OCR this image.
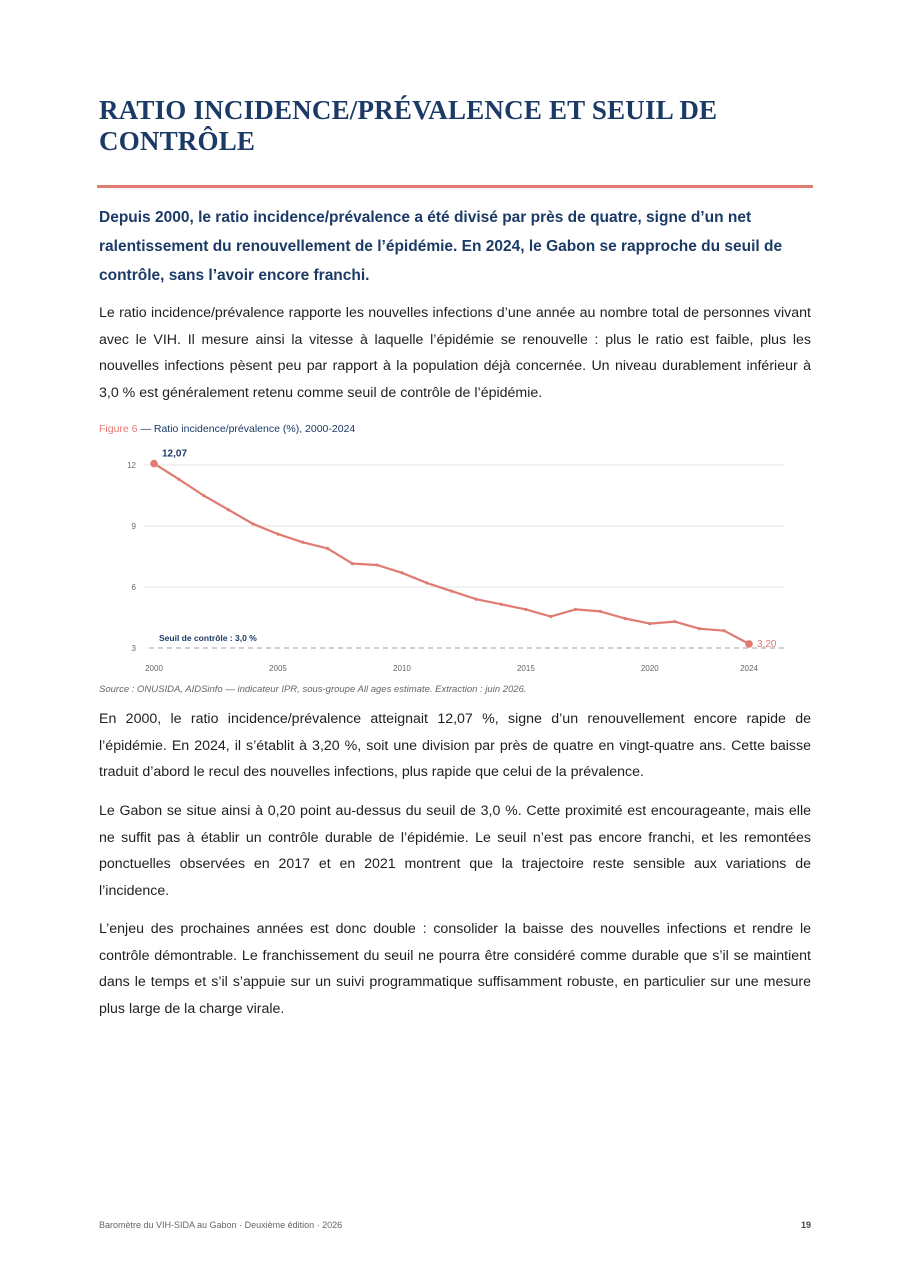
RATIO INCIDENCE/PRÉVALENCE ET SEUIL DE CONTRÔLE

Depuis 2000, le ratio incidence/prévalence a été divisé par près de quatre, signe d’un net ralentissement du renouvellement de l’épidémie. En 2024, le Gabon se rapproche du seuil de contrôle, sans l’avoir encore franchi.

Le ratio incidence/prévalence rapporte les nouvelles infections d’une année au nombre total de personnes vivant avec le VIH. Il mesure ainsi la vitesse à laquelle l’épidémie se renouvelle : plus le ratio est faible, plus les nouvelles infections pèsent peu par rapport à la population déjà concernée. Un niveau durablement inférieur à 3,0 % est généralement retenu comme seuil de contrôle de l’épidémie.

Figure 6 — Ratio incidence/prévalence (%), 2000-2024

3
6
9
12
2000	2005	2010	2015	2020	2024
Seuil de contrôle : 3,0 %
12,07
3,20

Source : ONUSIDA, AIDSinfo — indicateur IPR, sous-groupe All ages estimate. Extraction : juin 2026.

En 2000, le ratio incidence/prévalence atteignait 12,07 %, signe d’un renouvellement encore rapide de l’épidémie. En 2024, il s’établit à 3,20 %, soit une division par près de quatre en vingt-quatre ans. Cette baisse traduit d’abord le recul des nouvelles infections, plus rapide que celui de la prévalence.

Le Gabon se situe ainsi à 0,20 point au-dessus du seuil de 3,0 %. Cette proximité est encourageante, mais elle ne suffit pas à établir un contrôle durable de l’épidémie. Le seuil n’est pas encore franchi, et les remontées ponctuelles observées en 2017 et en 2021 montrent que la trajectoire reste sensible aux variations de l’incidence.

L’enjeu des prochaines années est donc double : consolider la baisse des nouvelles infections et rendre le contrôle démontrable. Le franchissement du seuil ne pourra être considéré comme durable que s’il se maintient dans le temps et s’il s’appuie sur un suivi programmatique suffisamment robuste, en particulier sur une mesure plus large de la charge virale.

Baromètre du VIH-SIDA au Gabon · Deuxième édition · 2026	19
